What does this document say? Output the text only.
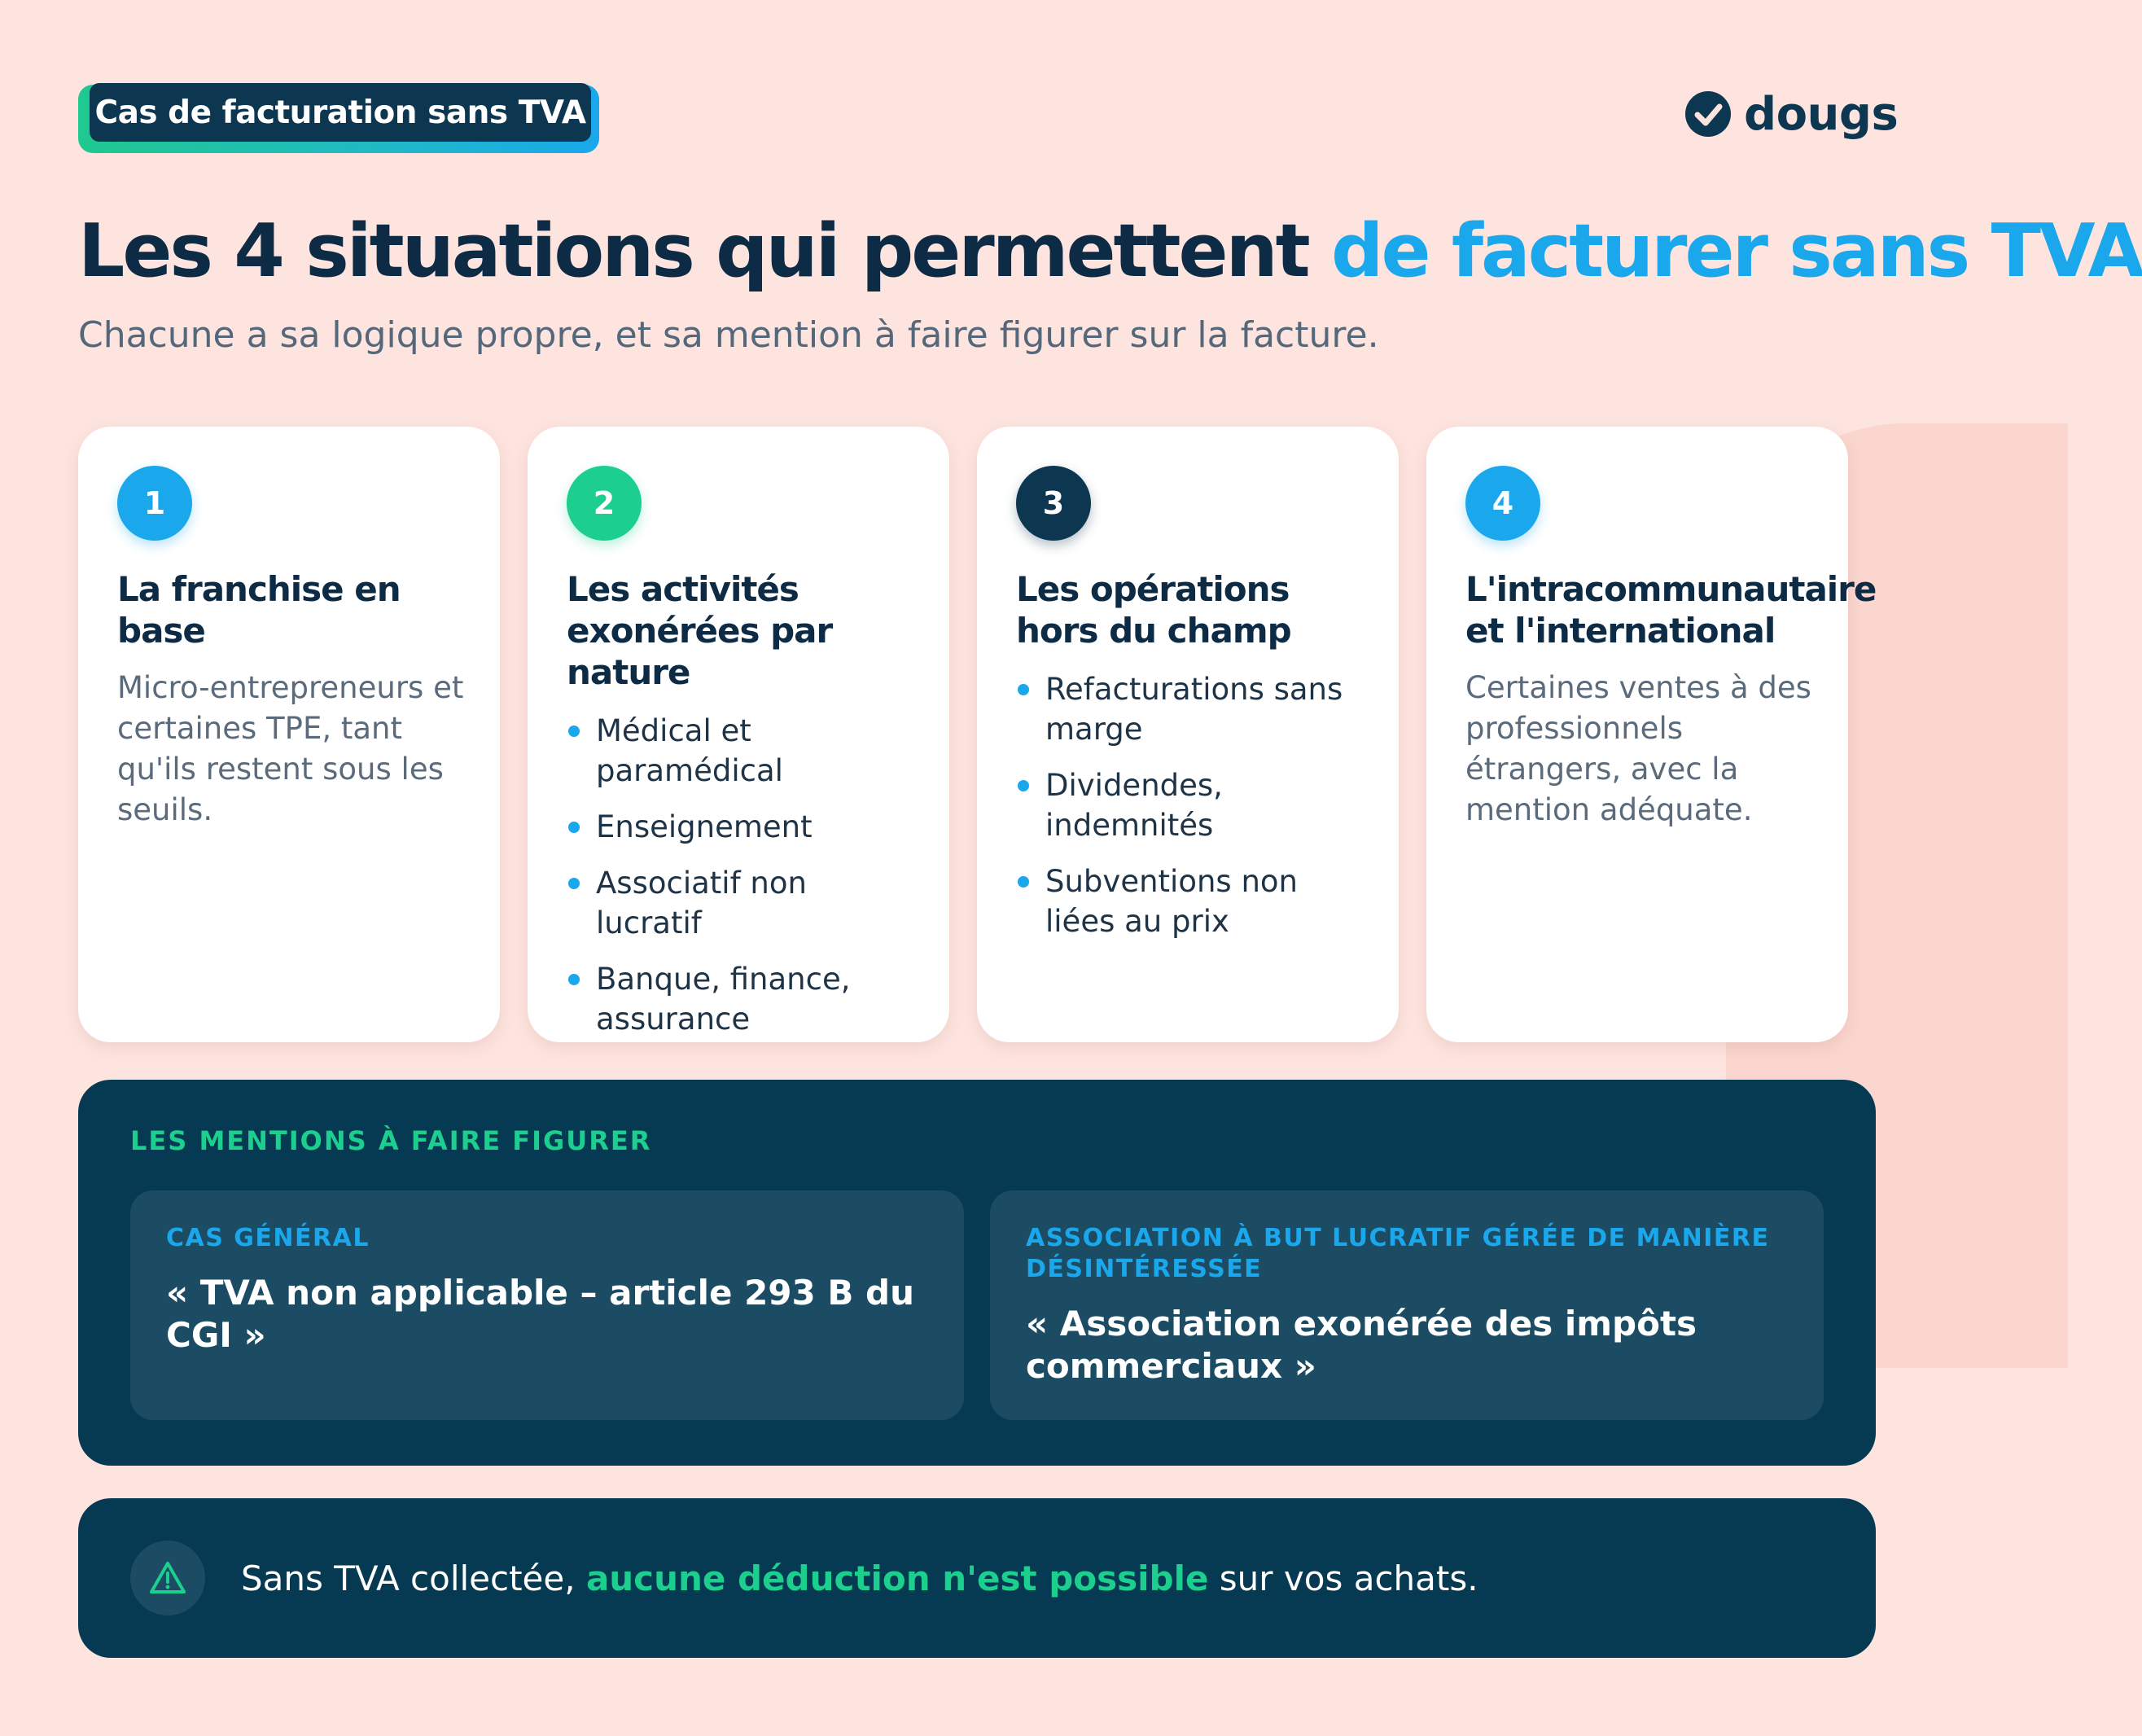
Cas de facturation sans TVA	dougs
Les 4 situations qui permettent de facturer sans TVA

Chacune a sa logique propre, et sa mention à faire figurer sur la facture.

1
La franchise en base
Micro-entrepreneurs et certaines TPE, tant qu'ils restent sous les seuils.
2
Les activités exonérées par nature
Médical et paramédical
Enseignement
Associatif non lucratif
Banque, finance, assurance
3
Les opérations hors du champ
Refacturations sans marge
Dividendes, indemnités
Subventions non liées au prix
4
L'intracommunautaire et l'international
Certaines ventes à des professionnels étrangers, avec la mention adéquate.
LES MENTIONS À FAIRE FIGURER
CAS GÉNÉRAL
« TVA non applicable – article 293 B du CGI »
ASSOCIATION À BUT LUCRATIF GÉRÉE DE MANIÈRE DÉSINTÉRESSÉE
« Association exonérée des impôts commerciaux »
Sans TVA collectée, aucune déduction n'est possible sur vos achats.
